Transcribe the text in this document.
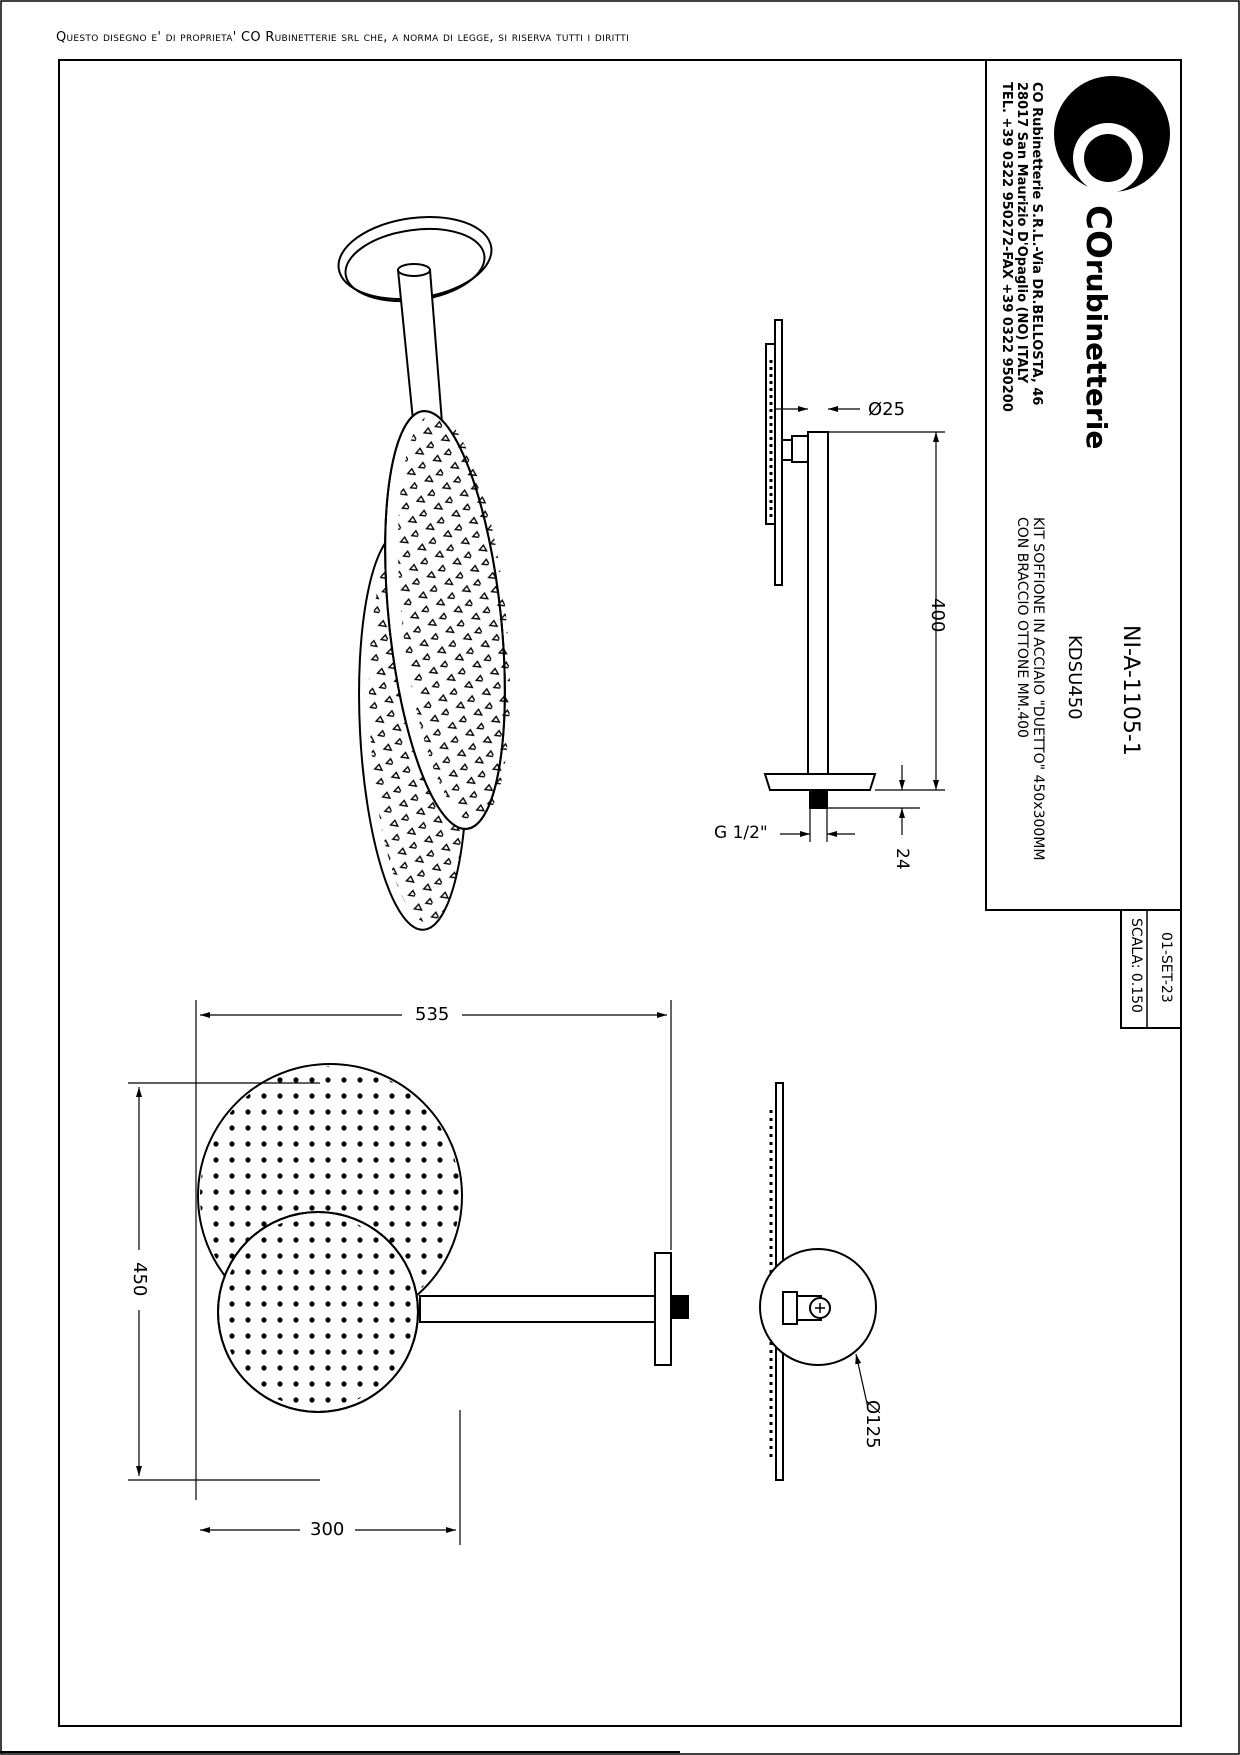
Questo disegno e' di proprieta' CO Rubinetterie srl che, a norma di legge, si riserva tutti i diritti
COrubinetterie
CO Rubinetterie S.R.L.-Via DR.BELLOSTA, 46
28017 San Maurizio D'Opaglio (NO) ITALY
TEL. +39 0322 950272-FAX +39 0322 950200
NI-A-1105-1
KDSU450
KIT SOFFIONE IN ACCIAIO "DUETTO" 450x300MM
CON BRACCIO OTTONE MM.400
01-SET-23
SCALA: 0.150
Ø25
400
G 1/2"
24
535
450
300
Ø125
